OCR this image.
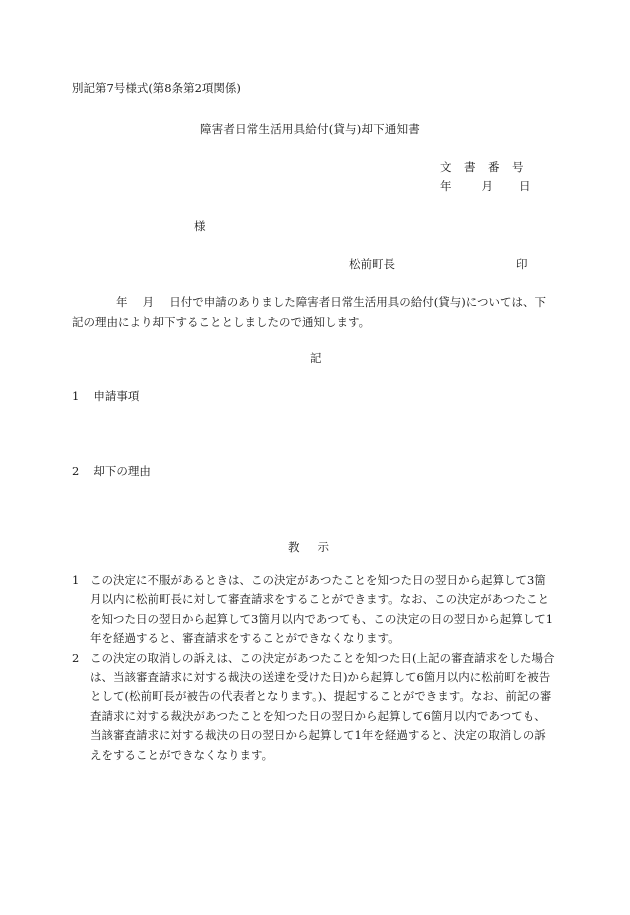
別記第7号様式(第8条第2項関係)
障害者日常生活用具給付(貸与)却下通知書
文　書　番　号
年	月 日
様
松前町長	印
年　 月　 日付で申請のありました障害者日常生活用具の給付(貸与)については、下記の理由により却下することとしましたので通知します。
記
1 申請事項
2 却下の理由
教示
1 この決定に不服があるときは、この決定があつたことを知つた日の翌日から起算して3箇月以内に松前町長に対して審査請求をすることができます。なお、この決定があつたことを知つた日の翌日から起算して3箇月以内であつても、この決定の日の翌日から起算して1年を経過すると、審査請求をすることができなくなります。
2 この決定の取消しの訴えは、この決定があつたことを知つた日(上記の審査請求をした場合は、当該審査請求に対する裁決の送達を受けた日)から起算して6箇月以内に松前町を被告として(松前町長が被告の代表者となります。)、提起することができます。なお、前記の審査請求に対する裁決があつたことを知つた日の翌日から起算して6箇月以内であつても、当該審査請求に対する裁決の日の翌日から起算して1年を経過すると、決定の取消しの訴えをすることができなくなります。
